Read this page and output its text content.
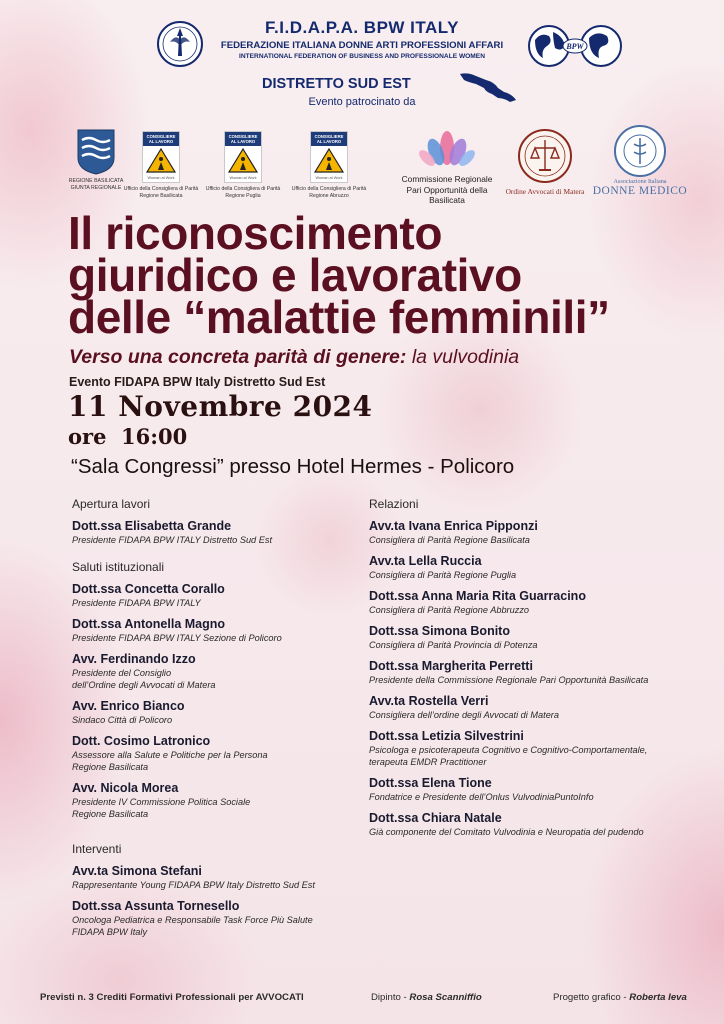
F.I.D.A.P.A. BPW ITALY
FEDERAZIONE ITALIANA DONNE ARTI PROFESSIONI AFFARI
INTERNATIONAL FEDERATION OF BUSINESS AND PROFESSIONALE WOMEN
BPW
DISTRETTO SUD EST
Evento patrocinato da
REGIONE BASILICATA GIUNTA REGIONALE
CONSIGLIERE AL LAVORO
Woman at Work
Ufficio della Consigliera di Parità Regione Basilicata
CONSIGLIERE AL LAVORO
Woman at Work
Ufficio della Consigliera di Parità Regione Puglia
CONSIGLIERE AL LAVORO
Woman at Work
Ufficio della Consigliera di Parità Regione Abruzzo
Commissione Regionale
Pari Opportunità della Basilicata
Ordine Avvocati di Matera
Associazione Italiana
DONNE MEDICO
Il riconoscimento
giuridico e lavorativo
delle “malattie femminili”
Verso una concreta parità di genere: la vulvodinia
Evento FIDAPA BPW Italy Distretto Sud Est
11 Novembre 2024
ore  16:00
“Sala Congressi” presso Hotel Hermes - Policoro
Apertura lavori
Dott.ssa Elisabetta Grande
Presidente FIDAPA BPW ITALY Distretto Sud Est
Saluti istituzionali
Dott.ssa Concetta Corallo
Presidente FIDAPA BPW ITALY
Dott.ssa Antonella Magno
Presidente FIDAPA BPW ITALY Sezione di Policoro
Avv. Ferdinando Izzo
Presidente del Consiglio
dell’Ordine degli Avvocati di Matera
Avv. Enrico Bianco
Sindaco Città di Policoro
Dott. Cosimo Latronico
Assessore alla Salute e Politiche per la Persona
Regione Basilicata
Avv. Nicola Morea
Presidente IV Commissione Politica Sociale
Regione Basilicata
Interventi
Avv.ta Simona Stefani
Rappresentante Young FIDAPA BPW Italy Distretto Sud Est
Dott.ssa Assunta Tornesello
Oncologa Pediatrica e Responsabile Task Force Più Salute
FIDAPA BPW Italy
Relazioni
Avv.ta Ivana Enrica Pipponzi
Consigliera di Parità Regione Basilicata
Avv.ta Lella Ruccia
Consigliera di Parità Regione Puglia
Dott.ssa Anna Maria Rita Guarracino
Consigliera di Parità Regione Abbruzzo
Dott.ssa Simona Bonito
Consigliera di Parità Provincia di Potenza
Dott.ssa Margherita Perretti
Presidente della Commissione Regionale Pari Opportunità Basilicata
Avv.ta Rostella Verri
Consigliera dell’ordine degli Avvocati di Matera
Dott.ssa Letizia Silvestrini
Psicologa e psicoterapeuta Cognitivo e Cognitivo-Comportamentale,
terapeuta EMDR Practitioner
Dott.ssa Elena Tione
Fondatrice e Presidente dell’Onlus VulvodiniaPuntoInfo
Dott.ssa Chiara Natale
Già componente del Comitato Vulvodinia e Neuropatia del pudendo
Previsti n. 3 Crediti Formativi Professionali per AVVOCATI	Dipinto - Rosa Scanniffio	Progetto grafico - Roberta Ieva
